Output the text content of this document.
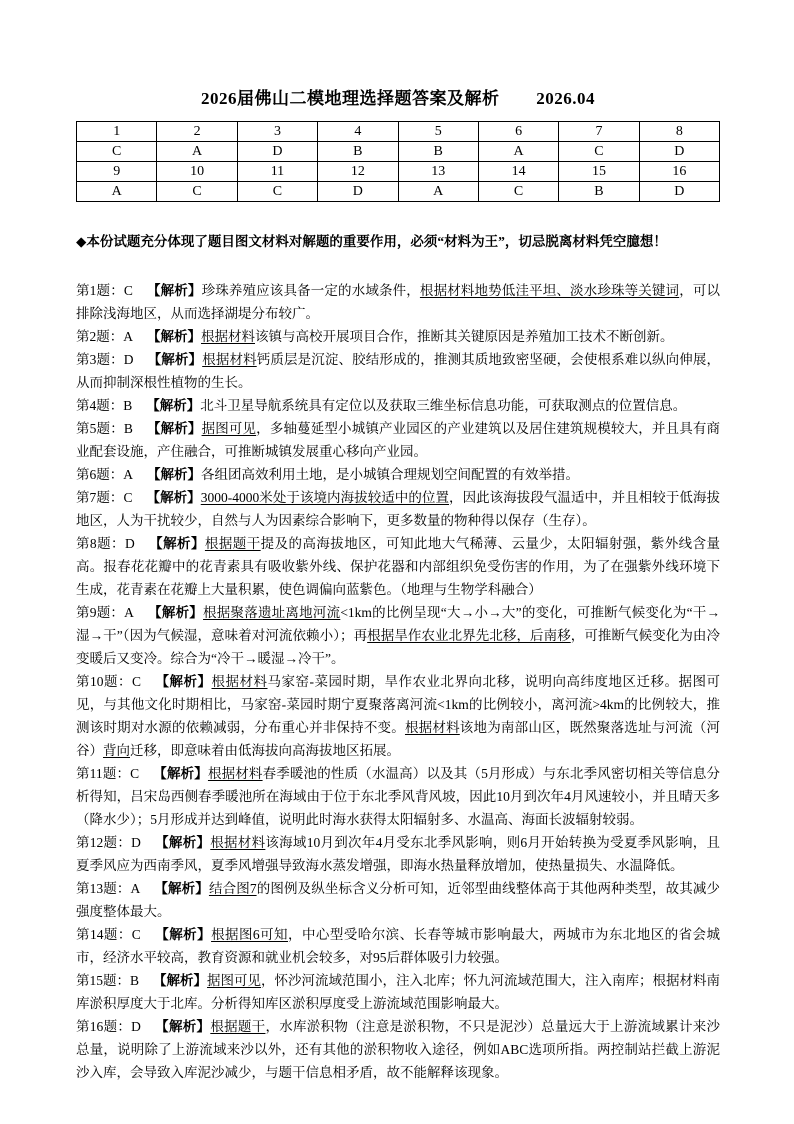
2026届佛山二模地理选择题答案及解析 2026.04
1	2	3	4	5	6	7	8
C	A	D	B	B	A	C	D
9	10	11	12	13	14	15	16
A	C	C	D	A	C	B	D

◆本份试题充分体现了题目图文材料对解题的重要作用，必须“材料为王”，切忌脱离材料凭空臆想！

第1题：C 【解析】珍珠养殖应该具备一定的水域条件，根据材料地势低洼平坦、淡水珍珠等关键词，可以排除浅海地区，从而选择湖堤分布较广。

第2题：A 【解析】根据材料该镇与高校开展项目合作，推断其关键原因是养殖加工技术不断创新。

第3题：D 【解析】根据材料钙质层是沉淀、胶结形成的，推测其质地致密坚硬，会使根系难以纵向伸展，从而抑制深根性植物的生长。

第4题：B 【解析】北斗卫星导航系统具有定位以及获取三维坐标信息功能，可获取测点的位置信息。

第5题：B 【解析】据图可见，多轴蔓延型小城镇产业园区的产业建筑以及居住建筑规模较大，并且具有商业配套设施，产住融合，可推断城镇发展重心移向产业园。

第6题：A 【解析】各组团高效利用土地，是小城镇合理规划空间配置的有效举措。

第7题：C 【解析】3000-4000米处于该境内海拔较适中的位置，因此该海拔段气温适中，并且相较于低海拔地区，人为干扰较少，自然与人为因素综合影响下，更多数量的物种得以保存（生存）。

第8题：D 【解析】根据题干提及的高海拔地区，可知此地大气稀薄、云量少，太阳辐射强，紫外线含量高。报春花花瓣中的花青素具有吸收紫外线、保护花器和内部组织免受伤害的作用，为了在强紫外线环境下生成，花青素在花瓣上大量积累，使色调偏向蓝紫色。（地理与生物学科融合）

第9题：A 【解析】根据聚落遗址离地河流<1km的比例呈现“大→小→大”的变化，可推断气候变化为“干→湿→干”（因为气候湿，意味着对河流依赖小）；再根据旱作农业北界先北移，后南移，可推断气候变化为由冷变暖后又变冷。综合为“冷干→暖湿→冷干”。

第10题：C 【解析】根据材料马家窑-菜园时期，旱作农业北界向北移，说明向高纬度地区迁移。据图可见，与其他文化时期相比，马家窑-菜园时期宁夏聚落离河流<1km的比例较小，离河流>4km的比例较大，推测该时期对水源的依赖减弱，分布重心并非保持不变。根据材料该地为南部山区，既然聚落选址与河流（河谷）背向迁移，即意味着由低海拔向高海拔地区拓展。

第11题：C 【解析】根据材料春季暖池的性质（水温高）以及其（5月形成）与东北季风密切相关等信息分析得知，吕宋岛西侧春季暖池所在海域由于位于东北季风背风坡，因此10月到次年4月风速较小，并且晴天多（降水少）；5月形成并达到峰值，说明此时海水获得太阳辐射多、水温高、海面长波辐射较弱。

第12题：D 【解析】根据材料该海域10月到次年4月受东北季风影响，则6月开始转换为受夏季风影响，且夏季风应为西南季风，夏季风增强导致海水蒸发增强，即海水热量释放增加，使热量损失、水温降低。

第13题：A 【解析】结合图7的图例及纵坐标含义分析可知，近邻型曲线整体高于其他两种类型，故其减少强度整体最大。

第14题：C 【解析】根据图6可知，中心型受哈尔滨、长春等城市影响最大，两城市为东北地区的省会城市，经济水平较高，教育资源和就业机会较多，对95后群体吸引力较强。

第15题：B 【解析】据图可见，怀沙河流域范围小，注入北库；怀九河流域范围大，注入南库；根据材料南库淤积厚度大于北库。分析得知库区淤积厚度受上游流域范围影响最大。

第16题：D 【解析】根据题干，水库淤积物（注意是淤积物，不只是泥沙）总量远大于上游流域累计来沙总量，说明除了上游流域来沙以外，还有其他的淤积物收入途径，例如ABC选项所指。两控制站拦截上游泥沙入库，会导致入库泥沙减少，与题干信息相矛盾，故不能解释该现象。
